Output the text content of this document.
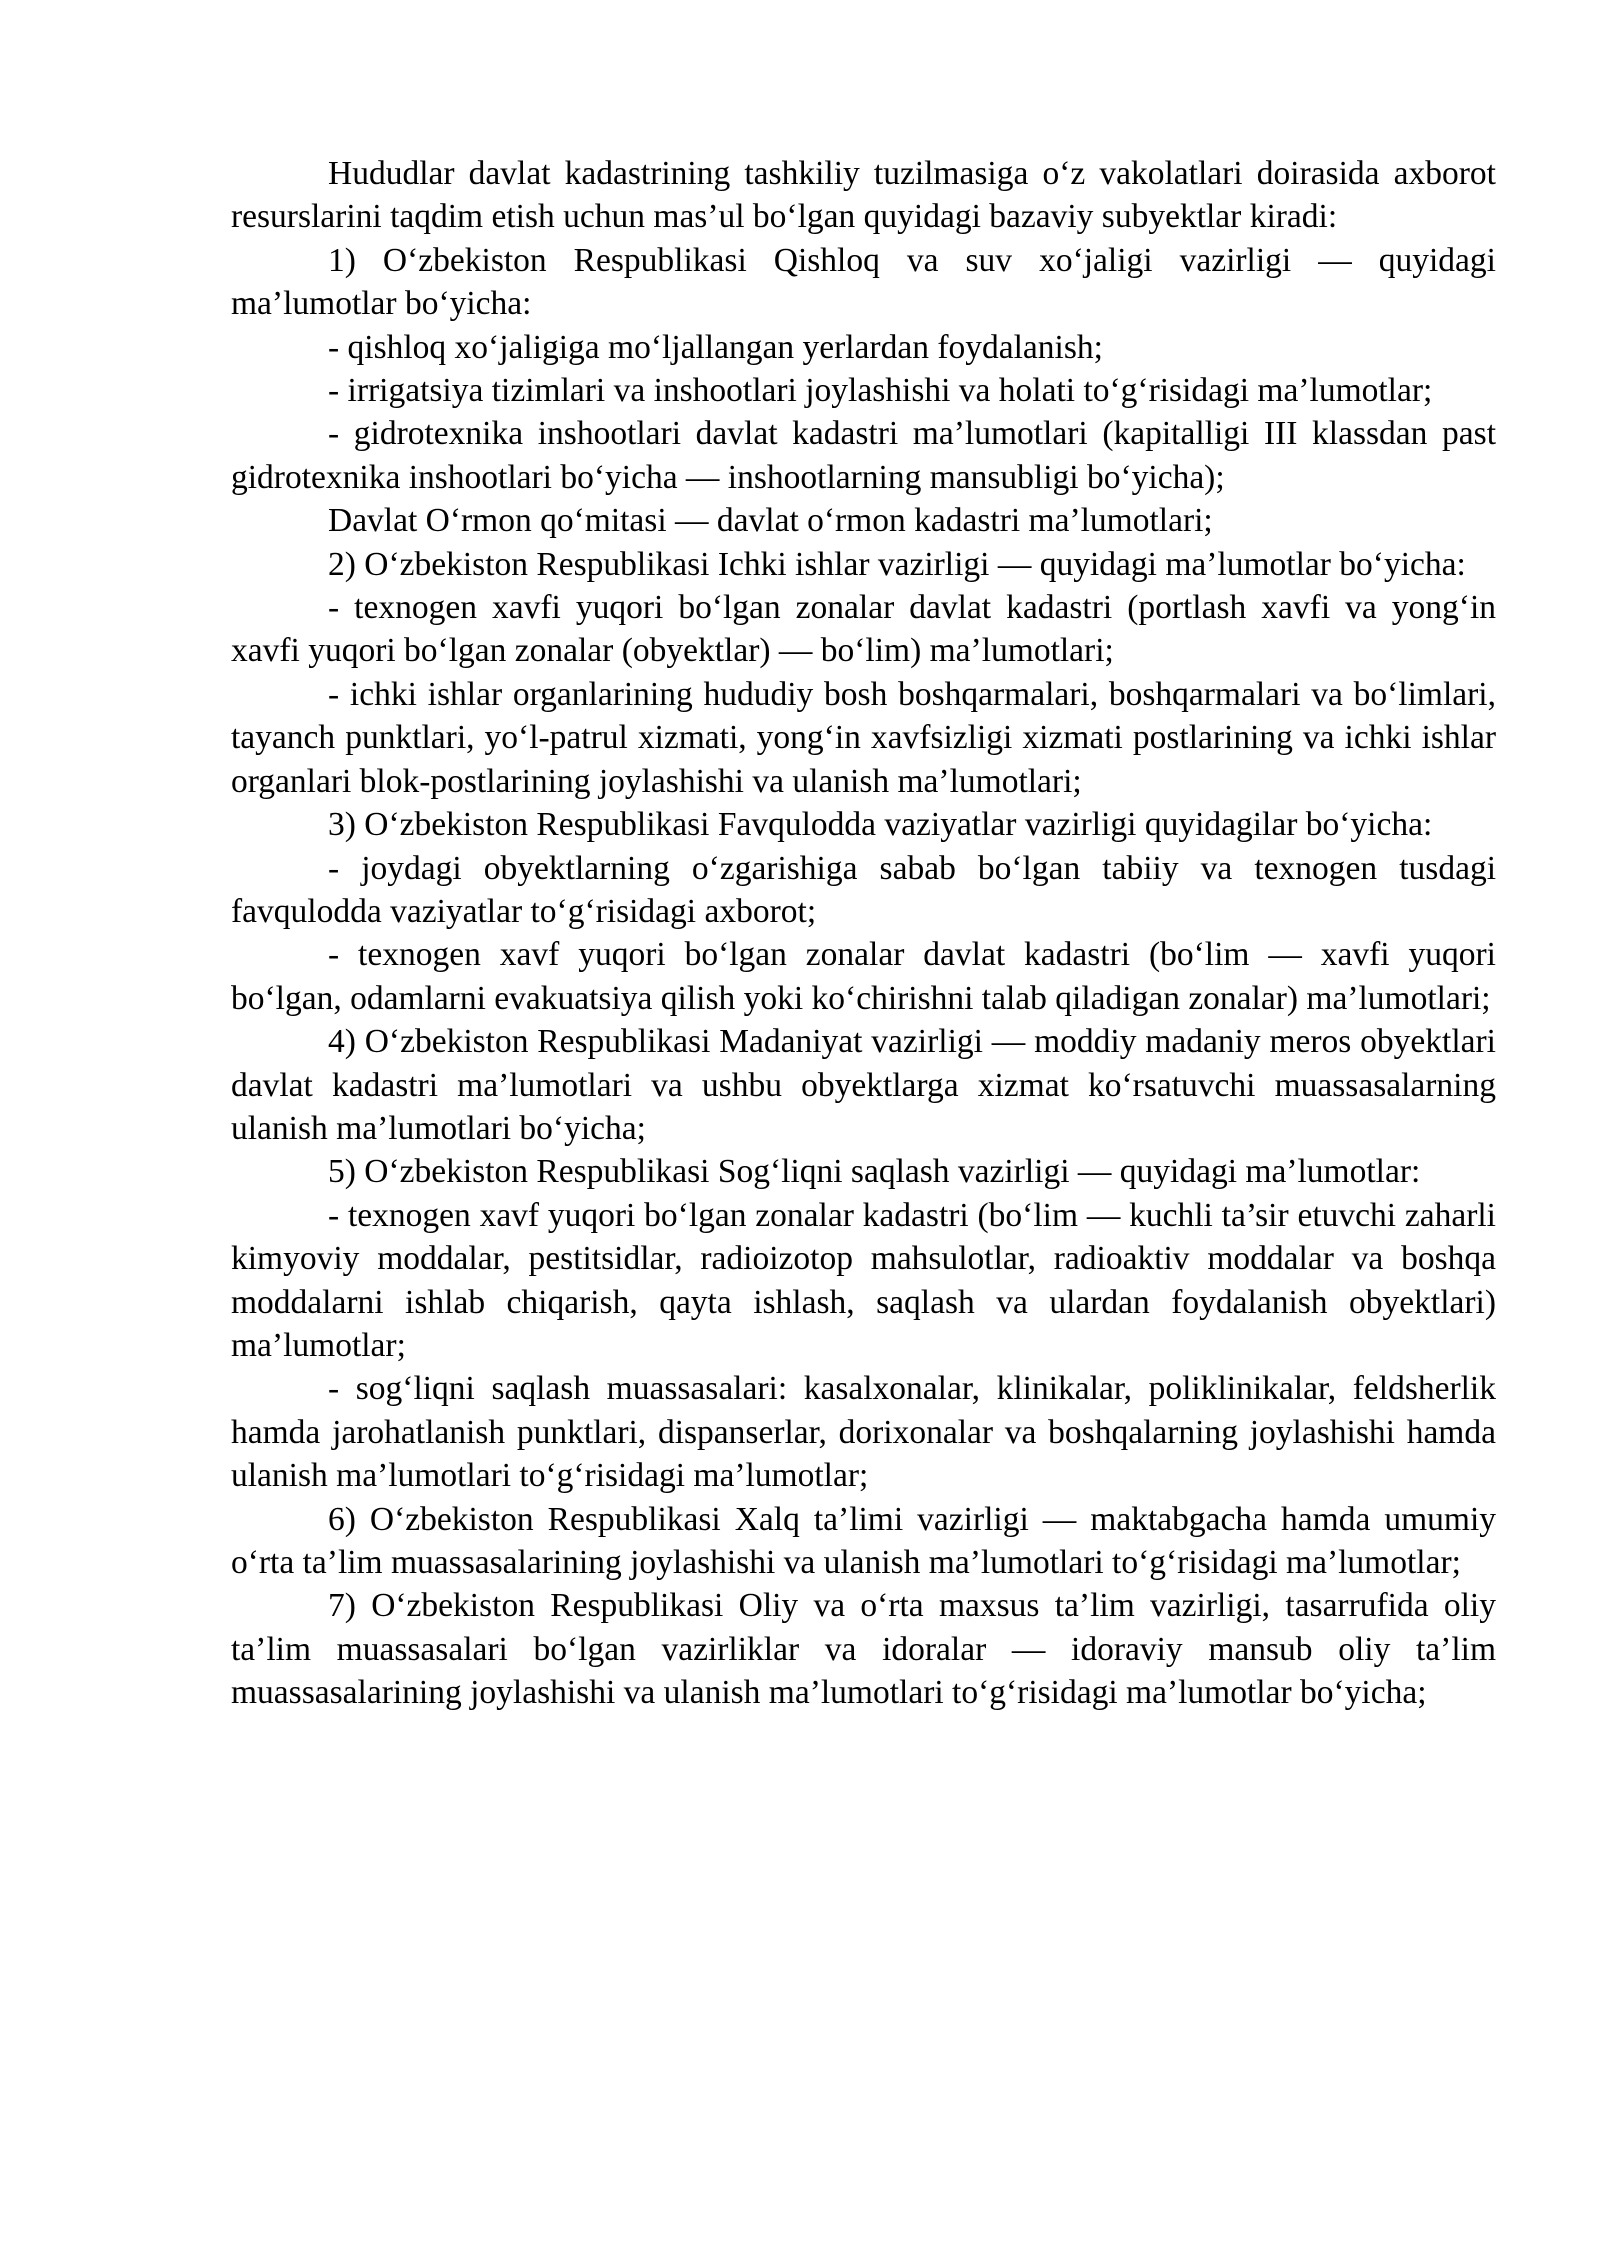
Hududlar davlat kadastrining tashkiliy tuzilmasiga o‘z vakolatlari doirasida axborot resurslarini taqdim etish uchun mas’ul bo‘lgan quyidagi bazaviy subyektlar kiradi:

1) O‘zbekiston Respublikasi Qishloq va suv xo‘jaligi vazirligi — quyidagi ma’lumotlar bo‘yicha:

- qishloq xo‘jaligiga mo‘ljallangan yerlardan foydalanish;

- irrigatsiya tizimlari va inshootlari joylashishi va holati to‘g‘risidagi ma’lumotlar;

- gidrotexnika inshootlari davlat kadastri ma’lumotlari (kapitalligi III klassdan past gidrotexnika inshootlari bo‘yicha — inshootlarning mansubligi bo‘yicha);

Davlat O‘rmon qo‘mitasi — davlat o‘rmon kadastri ma’lumotlari;

2) O‘zbekiston Respublikasi Ichki ishlar vazirligi — quyidagi ma’lumotlar bo‘yicha:

- texnogen xavfi yuqori bo‘lgan zonalar davlat kadastri (portlash xavfi va yong‘in xavfi yuqori bo‘lgan zonalar (obyektlar) — bo‘lim) ma’lumotlari;

- ichki ishlar organlarining hududiy bosh boshqarmalari, boshqarmalari va bo‘limlari, tayanch punktlari, yo‘l-patrul xizmati, yong‘in xavfsizligi xizmati postlarining va ichki ishlar organlari blok-postlarining joylashishi va ulanish ma’lumotlari;

3) O‘zbekiston Respublikasi Favqulodda vaziyatlar vazirligi quyidagilar bo‘yicha:

- joydagi obyektlarning o‘zgarishiga sabab bo‘lgan tabiiy va texnogen tusdagi favqulodda vaziyatlar to‘g‘risidagi axborot;

- texnogen xavf yuqori bo‘lgan zonalar davlat kadastri (bo‘lim — xavfi yuqori bo‘lgan, odamlarni evakuatsiya qilish yoki ko‘chirishni talab qiladigan zonalar) ma’lumotlari;

4) O‘zbekiston Respublikasi Madaniyat vazirligi — moddiy madaniy meros obyektlari davlat kadastri ma’lumotlari va ushbu obyektlarga xizmat ko‘rsatuvchi muassasalarning ulanish ma’lumotlari bo‘yicha;

5) O‘zbekiston Respublikasi Sog‘liqni saqlash vazirligi — quyidagi ma’lumotlar:

- texnogen xavf yuqori bo‘lgan zonalar kadastri (bo‘lim — kuchli ta’sir etuvchi zaharli kimyoviy moddalar, pestitsidlar, radioizotop mahsulotlar, radioaktiv moddalar va boshqa moddalarni ishlab chiqarish, qayta ishlash, saqlash va ulardan foydalanish obyektlari) ma’lumotlar;

- sog‘liqni saqlash muassasalari: kasalxonalar, klinikalar, poliklinikalar, feldsherlik hamda jarohatlanish punktlari, dispanserlar, dorixonalar va boshqalarning joylashishi hamda ulanish ma’lumotlari to‘g‘risidagi ma’lumotlar;

6) O‘zbekiston Respublikasi Xalq ta’limi vazirligi — maktabgacha hamda umumiy o‘rta ta’lim muassasalarining joylashishi va ulanish ma’lumotlari to‘g‘risidagi ma’lumotlar;

7) O‘zbekiston Respublikasi Oliy va o‘rta maxsus ta’lim vazirligi, tasarrufida oliy ta’lim muassasalari bo‘lgan vazirliklar va idoralar — idoraviy mansub oliy ta’lim muassasalarining joylashishi va ulanish ma’lumotlari to‘g‘risidagi ma’lumotlar bo‘yicha;
